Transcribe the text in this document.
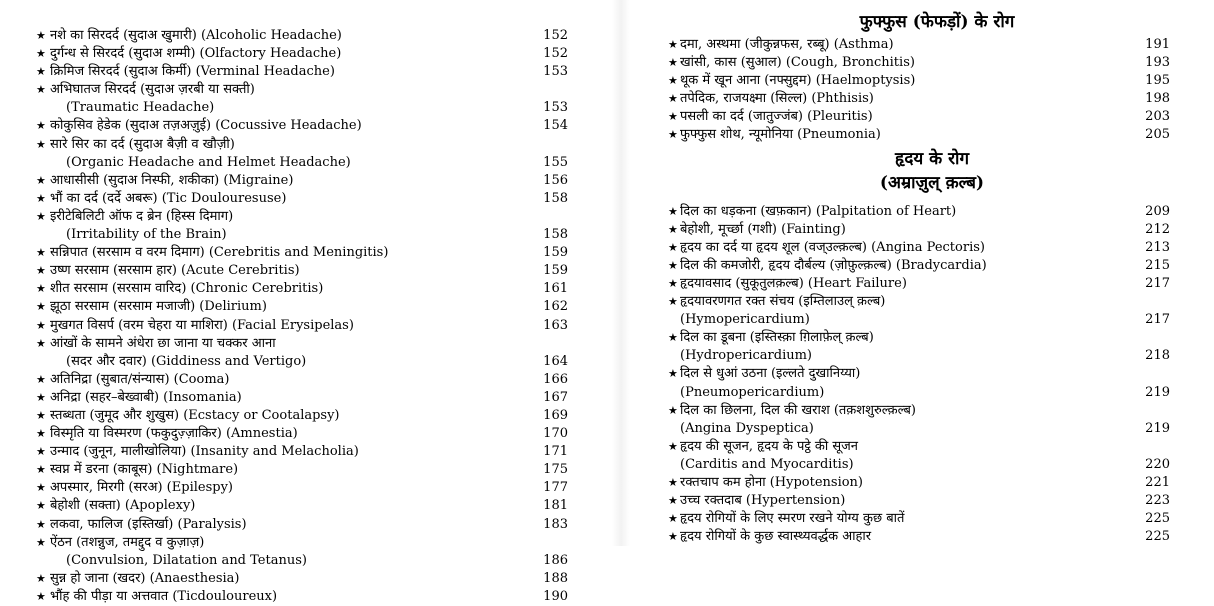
★ नशे का सिरदर्द (सुदाअ खुमारी) (Alcoholic Headache)	152
★ दुर्गन्ध से सिरदर्द (सुदाअ शम्मी) (Olfactory Headache)	152
★ क्रिमिज सिरदर्द (सुदाअ किर्मी) (Verminal Headache)	153
★ अभिघातज सिरदर्द (सुदाअ ज़रबी या सक्ती)
(Traumatic Headache)	153
★ कोकुसिव हेडेक (सुदाअ तज़अज़ुई) (Cocussive Headache)	154
★ सारे सिर का दर्द (सुदाअ बैज़ी व खौज़ी)
(Organic Headache and Helmet Headache)	155
★ आधासीसी (सुदाअ निस्फी, शकीका) (Migraine)	156
★ भौं का दर्द (दर्दे अबरू) (Tic Doulouresuse)	158
★ इरीटेबिलिटी ऑफ द ब्रेन (हिस्स दिमाग)
(Irritability of the Brain)	158
★ सन्निपात (सरसाम व वरम दिमाग) (Cerebritis and Meningitis)	159
★ उष्ण सरसाम (सरसाम हार) (Acute Cerebritis)	159
★ शीत सरसाम (सरसाम वारिद) (Chronic Cerebritis)	161
★ झूठा सरसाम (सरसाम मजाजी) (Delirium)	162
★ मुखगत विसर्प (वरम चेहरा या माशिरा) (Facial Erysipelas)	163
★ आंखों के सामने अंधेरा छा जाना या चक्कर आना
(सदर और दवार) (Giddiness and Vertigo)	164
★ अतिनिद्रा (सुबात/संन्यास) (Cooma)	166
★ अनिद्रा (सहर–बेख्वाबी) (Insomania)	167
★ स्तब्धता (जुमूद और शुखुस) (Ecstacy or Cootalapsy)	169
★ विस्मृति या विस्मरण (फकुदुज़्ज़ाकिर) (Amnestia)	170
★ उन्माद (जुनून, मालीखोलिया) (Insanity and Melacholia)	171
★ स्वप्न में डरना (काबूस) (Nightmare)	175
★ अपस्मार, मिरगी (सरअ) (Epilespy)	177
★ बेहोशी (सक्ता) (Apoplexy)	181
★ लकवा, फालिज (इस्तिर्खा) (Paralysis)	183
★ ऐंठन (तशन्नुज, तमद्दुद व कुज़ाज़)
(Convulsion, Dilatation and Tetanus)	186
★ सुन्न हो जाना (खदर) (Anaesthesia)	188
★ भौंह की पीड़ा या अत्तवात (Ticdouloureux)	190
फुफ्फुस (फेफड़ों) के रोग
★ दमा, अस्थमा (जीकुन्नफस, रब्बू) (Asthma)	191
★ खांसी, कास (सुआल) (Cough, Bronchitis)	193
★ थूक में खून आना (नफ्सुद्दम) (Haelmoptysis)	195
★ तपेदिक, राजयक्ष्मा (सिल्ल) (Phthisis)	198
★ पसली का दर्द (जातुज्जंब) (Pleuritis)	203
★ फुफ्फुस शोथ, न्यूमोनिया (Pneumonia)	205
हृदय के रोग
(अम्राज़ुल् क़ल्ब)
★ दिल का धड़कना (खफ़कान) (Palpitation of Heart)	209
★ बेहोशी, मूर्च्छा (गशी) (Fainting)	212
★ हृदय का दर्द या हृदय शूल (वज्उल्क़ल्ब) (Angina Pectoris)	213
★ दिल की कमजोरी, हृदय दौर्बल्य (ज़ोफ़ुल्क़ल्ब) (Bradycardia)	215
★ हृदयावसाद (सुकूतुलक़ल्ब) (Heart Failure)	217
★ हृदयावरणगत रक्त संचय (इम्तिलाउल् क़ल्ब)
(Hymopericardium)	217
★ दिल का डूबना (इस्तिस्क़ा ग़िलाफ़ेल् क़ल्ब)
(Hydropericardium)	218
★ दिल से धुआं उठना (इल्लते दुखानिय्या)
(Pneumopericardium)	219
★ दिल का छिलना, दिल की खराश (तक़शशुरुल्क़ल्ब)
(Angina Dyspeptica)	219
★ हृदय की सूजन, हृदय के पट्ठे की सूजन
(Carditis and Myocarditis)	220
★ रक्तचाप कम होना (Hypotension)	221
★ उच्च रक्तदाब (Hypertension)	223
★ हृदय रोगियों के लिए स्मरण रखने योग्य कुछ बातें	225
★ हृदय रोगियों के कुछ स्वास्थ्यवर्द्धक आहार	225
